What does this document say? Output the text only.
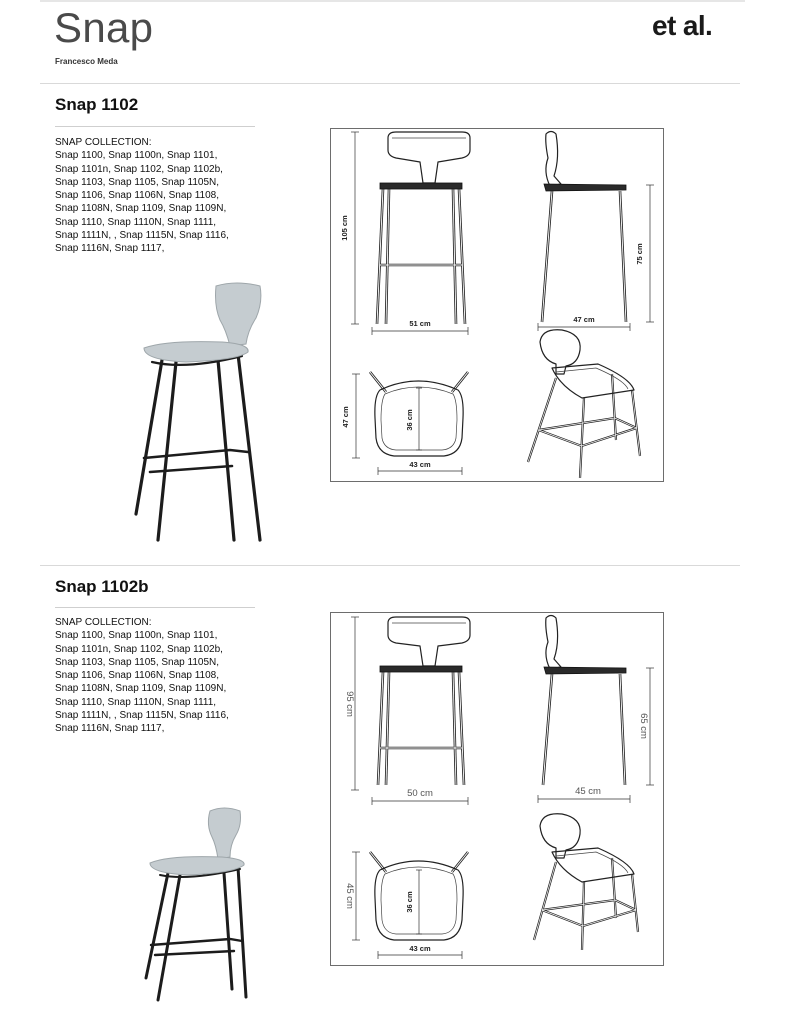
Snap
Francesco Meda
et al.
Snap 1102
SNAP COLLECTION:
Snap 1100, Snap 1100n, Snap 1101,
Snap 1101n, Snap 1102, Snap 1102b,
Snap 1103, Snap 1105, Snap 1105N,
Snap 1106, Snap 1106N, Snap 1108,
Snap 1108N, Snap 1109, Snap 1109N,
Snap 1110, Snap 1110N, Snap 1111,
Snap 1111N, , Snap 1115N, Snap 1116,
Snap 1116N, Snap 1117,
105 cm
51 cm
75 cm
47 cm
47 cm	36 cm
43 cm
Snap 1102b
SNAP COLLECTION:
Snap 1100, Snap 1100n, Snap 1101,
Snap 1101n, Snap 1102, Snap 1102b,
Snap 1103, Snap 1105, Snap 1105N,
Snap 1106, Snap 1106N, Snap 1108,
Snap 1108N, Snap 1109, Snap 1109N,
Snap 1110, Snap 1110N, Snap 1111,
Snap 1111N, , Snap 1115N, Snap 1116,
Snap 1116N, Snap 1117,
95 cm
50 cm
65 cm
45 cm
45 cm	36 cm
43 cm
